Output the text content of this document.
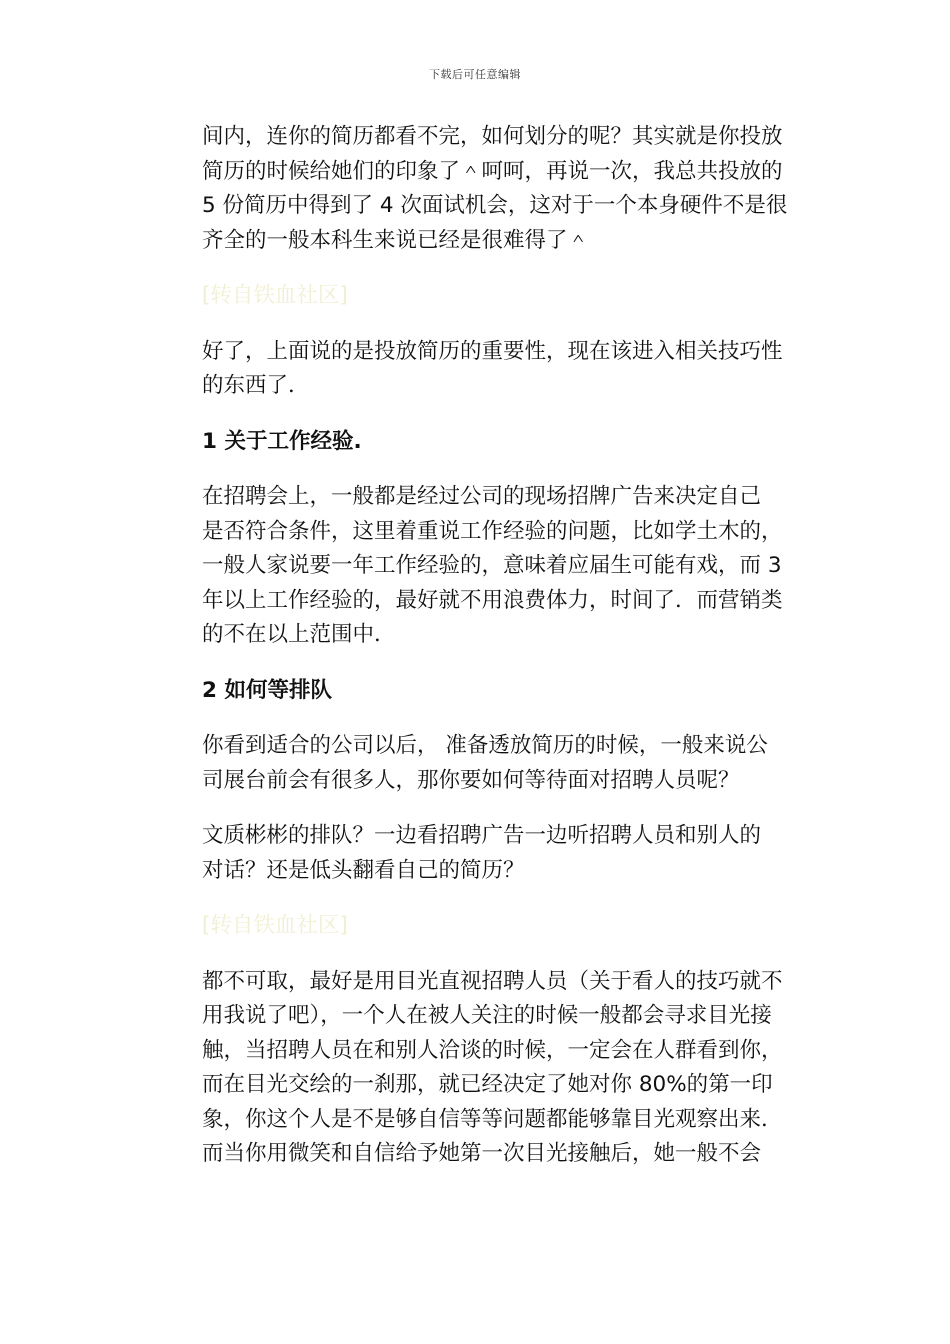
下载后可任意编辑

间内，连你的简历都看不完，如何划分的呢？其实就是你投放
简历的时候给她们的印象了＾呵呵，再说一次，我总共投放的
5 份简历中得到了 4 次面试机会，这对于一个本身硬件不是很
齐全的一般本科生来说已经是很难得了＾

[转自铁血社区]

好了，上面说的是投放简历的重要性，现在该进入相关技巧性
的东西了．

1 关于工作经验.

在招聘会上，一般都是经过公司的现场招牌广告来决定自己
是否符合条件，这里着重说工作经验的问题，比如学土木的，
一般人家说要一年工作经验的，意味着应届生可能有戏，而 3
年以上工作经验的，最好就不用浪费体力，时间了．而营销类
的不在以上范围中．

2 如何等排队

你看到适合的公司以后， 准备透放简历的时候，一般来说公
司展台前会有很多人，那你要如何等待面对招聘人员呢？

文质彬彬的排队？一边看招聘广告一边听招聘人员和别人的
对话？还是低头翻看自己的简历？

[转自铁血社区]

都不可取，最好是用目光直视招聘人员（关于看人的技巧就不
用我说了吧），一个人在被人关注的时候一般都会寻求目光接
触，当招聘人员在和别人洽谈的时候，一定会在人群看到你，
而在目光交绘的一刹那，就已经决定了她对你 80%的第一印
象，你这个人是不是够自信等等问题都能够靠目光观察出来．
而当你用微笑和自信给予她第一次目光接触后，她一般不会
